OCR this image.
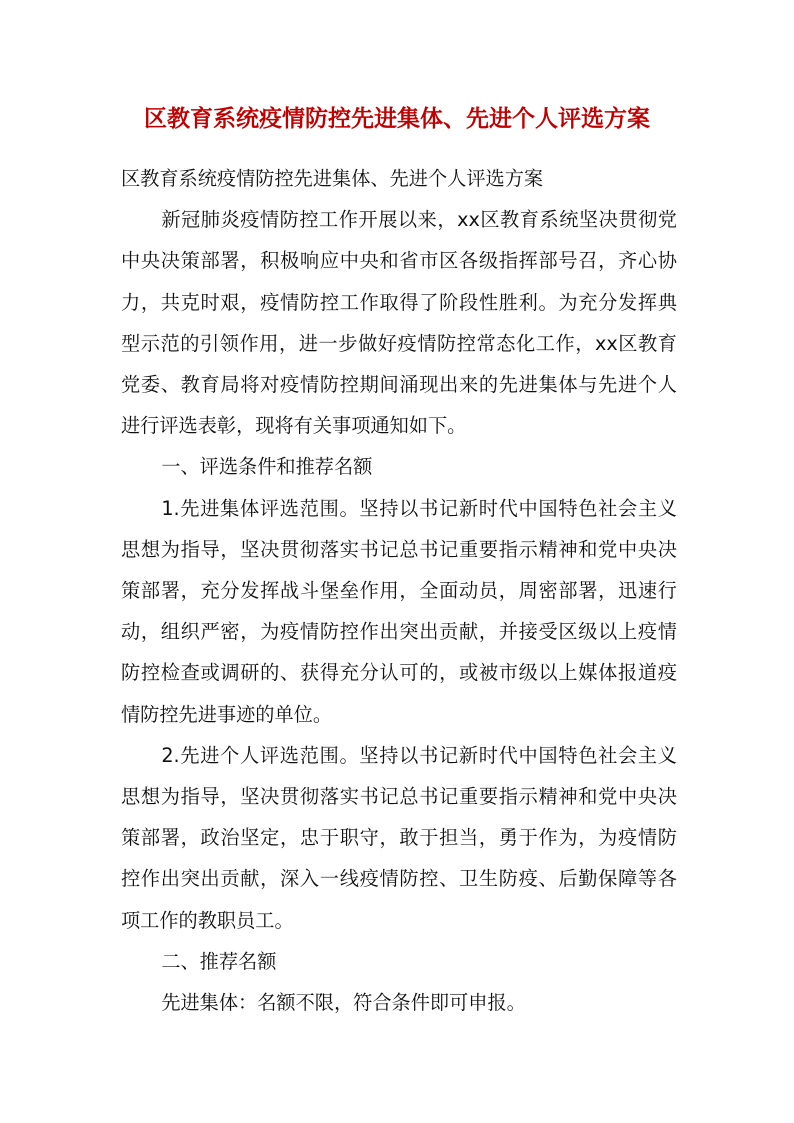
区教育系统疫情防控先进集体、先进个人评选方案

区教育系统疫情防控先进集体、先进个人评选方案

新冠肺炎疫情防控工作开展以来，xx区教育系统坚决贯彻党中央决策部署，积极响应中央和省市区各级指挥部号召，齐心协力，共克时艰，疫情防控工作取得了阶段性胜利。为充分发挥典型示范的引领作用，进一步做好疫情防控常态化工作，xx区教育党委、教育局将对疫情防控期间涌现出来的先进集体与先进个人进行评选表彰，现将有关事项通知如下。

一、评选条件和推荐名额

1.先进集体评选范围。坚持以书记新时代中国特色社会主义思想为指导，坚决贯彻落实书记总书记重要指示精神和党中央决策部署，充分发挥战斗堡垒作用，全面动员，周密部署，迅速行动，组织严密，为疫情防控作出突出贡献，并接受区级以上疫情防控检查或调研的、获得充分认可的，或被市级以上媒体报道疫情防控先进事迹的单位。

2.先进个人评选范围。坚持以书记新时代中国特色社会主义思想为指导，坚决贯彻落实书记总书记重要指示精神和党中央决策部署，政治坚定，忠于职守，敢于担当，勇于作为，为疫情防控作出突出贡献，深入一线疫情防控、卫生防疫、后勤保障等各项工作的教职员工。

二、推荐名额

先进集体：名额不限，符合条件即可申报。
